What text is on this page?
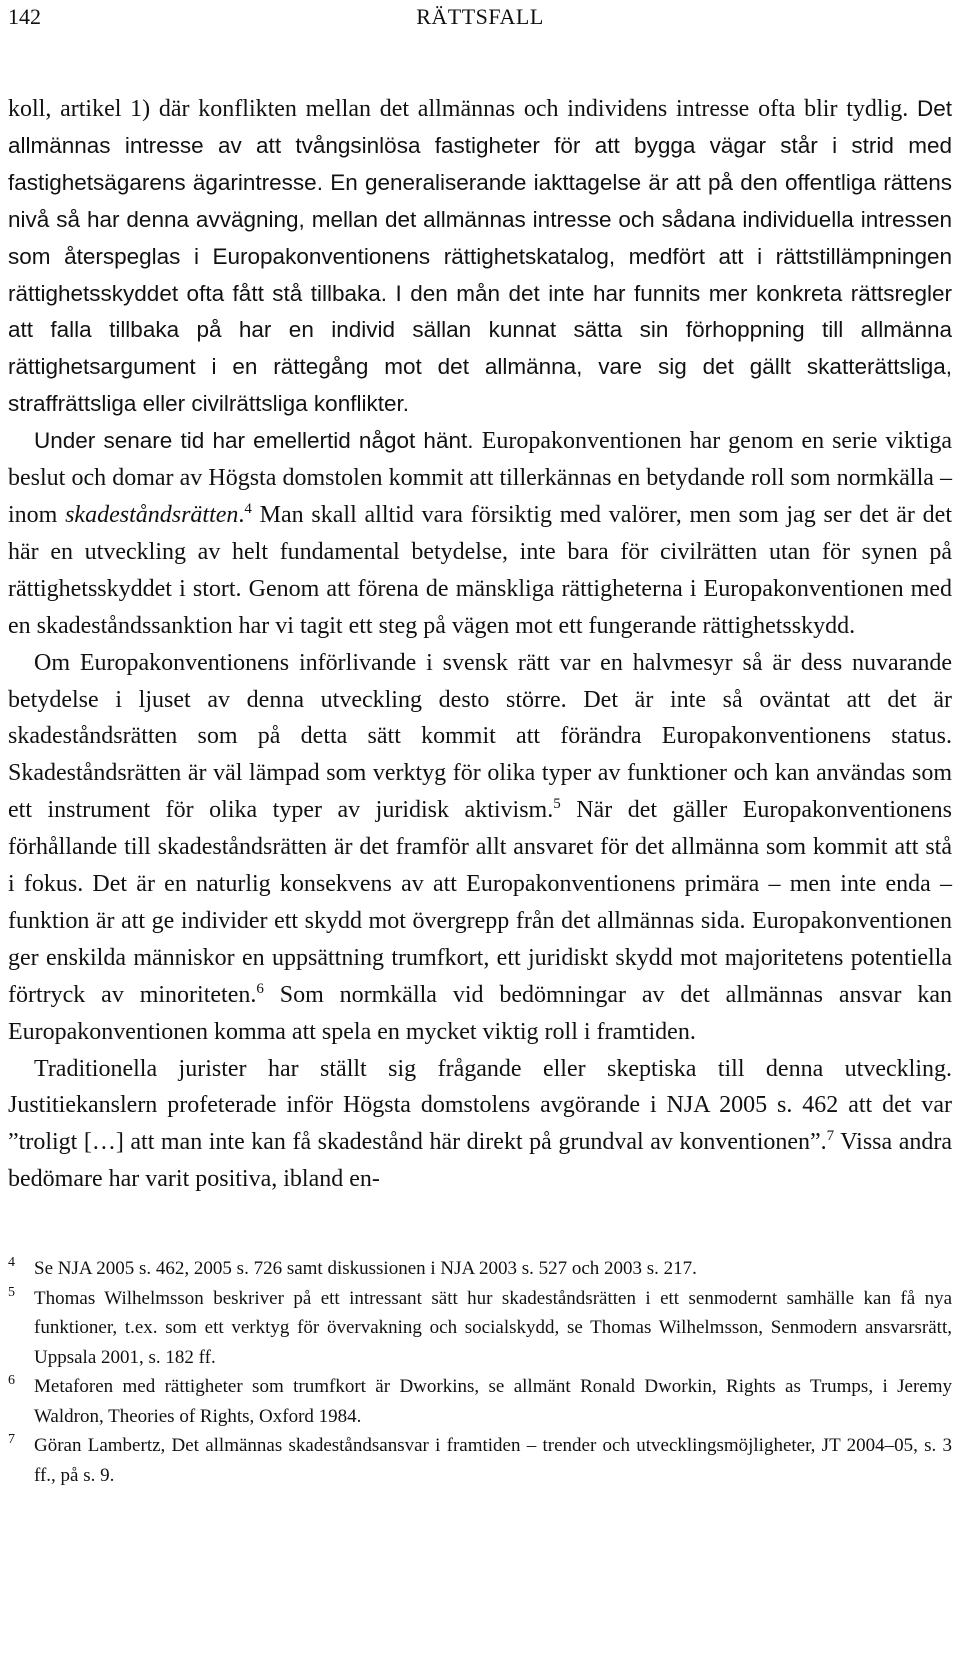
142	RÄTTSFALL

koll, artikel 1) där konflikten mellan det allmännas och individens intresse ofta blir tydlig. Det allmännas intresse av att tvångsinlösa fastigheter för att bygga vägar står i strid med fastighetsägarens ägarintresse. En generaliserande iakttagelse är att på den offentliga rättens nivå så har denna avvägning, mellan det allmännas intresse och sådana individuella intressen som återspeglas i Europakonventionens rättighetskatalog, medfört att i rättstillämpningen rättighetsskyddet ofta fått stå tillbaka. I den mån det inte har funnits mer konkreta rättsregler att falla tillbaka på har en individ sällan kunnat sätta sin förhoppning till allmänna rättighetsargument i en rättegång mot det allmänna, vare sig det gällt skatterättsliga, straffrättsliga eller civilrättsliga konflikter.

Under senare tid har emellertid något hänt. Europakonventionen har genom en serie viktiga beslut och domar av Högsta domstolen kommit att tillerkännas en betydande roll som normkälla – inom skadeståndsrätten.$^4$ Man skall alltid vara försiktig med valörer, men som jag ser det är det här en utveckling av helt fundamental betydelse, inte bara för civilrätten utan för synen på rättighetsskyddet i stort. Genom att förena de mänskliga rättigheterna i Europakonventionen med en skadeståndssanktion har vi tagit ett steg på vägen mot ett fungerande rättighetsskydd.

Om Europakonventionens införlivande i svensk rätt var en halvmesyr så är dess nuvarande betydelse i ljuset av denna utveckling desto större. Det är inte så oväntat att det är skadeståndsrätten som på detta sätt kommit att förändra Europakonventionens status. Skadeståndsrätten är väl lämpad som verktyg för olika typer av funktioner och kan användas som ett instrument för olika typer av juridisk aktivism.$^5$ När det gäller Europakonventionens förhållande till skadeståndsrätten är det framför allt ansvaret för det allmänna som kommit att stå i fokus. Det är en naturlig konsekvens av att Europakonventionens primära – men inte enda – funktion är att ge individer ett skydd mot övergrepp från det allmännas sida. Europakonventionen ger enskilda människor en uppsättning trumfkort, ett juridiskt skydd mot majoritetens potentiella förtryck av minoriteten.$^6$ Som normkälla vid bedömningar av det allmännas ansvar kan Europakonventionen komma att spela en mycket viktig roll i framtiden.

Traditionella jurister har ställt sig frågande eller skeptiska till denna utveckling. Justitiekanslern profeterade inför Högsta domstolens avgörande i NJA 2005 s. 462 att det var ”troligt […] att man inte kan få skadestånd här direkt på grundval av konventionen”.$^7$ Vissa andra bedömare har varit positiva, ibland en-

4 Se NJA 2005 s. 462, 2005 s. 726 samt diskussionen i NJA 2003 s. 527 och 2003 s. 217.

5 Thomas Wilhelmsson beskriver på ett intressant sätt hur skadeståndsrätten i ett senmodernt samhälle kan få nya funktioner, t.ex. som ett verktyg för övervakning och socialskydd, se Thomas Wilhelmsson, Senmodern ansvarsrätt, Uppsala 2001, s. 182 ff.

6 Metaforen med rättigheter som trumfkort är Dworkins, se allmänt Ronald Dworkin, Rights as Trumps, i Jeremy Waldron, Theories of Rights, Oxford 1984.

7 Göran Lambertz, Det allmännas skadeståndsansvar i framtiden – trender och utvecklingsmöjligheter, JT 2004–05, s. 3 ff., på s. 9.
